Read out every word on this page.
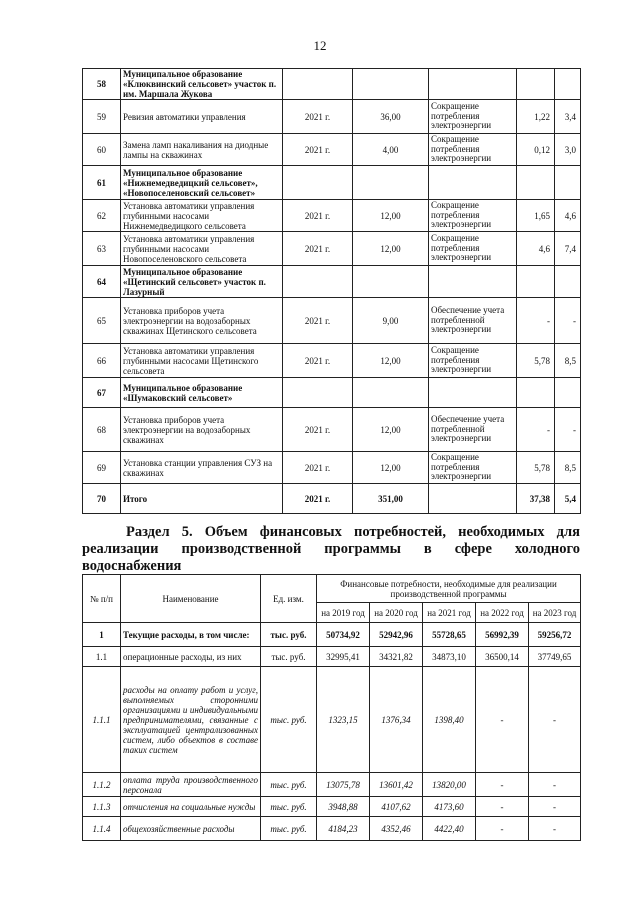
12
58	Муниципальное образование «Клюквинский сельсовет» участок п. им. Маршала Жукова					
59	Ревизия автоматики управления	2021 г.	36,00	Сокращение потребления электроэнергии	1,22	3,4
60	Замена ламп накаливания на диодные лампы на скважинах	2021 г.	4,00	Сокращение потребления электроэнергии	0,12	3,0
61	Муниципальное образование «Нижнемедведицкий сельсовет», «Новопоселеновский сельсовет»					
62	Установка автоматики управления глубинными насосами Нижнемедведицкого сельсовета	2021 г.	12,00	Сокращение потребления электроэнергии	1,65	4,6
63	Установка автоматики управления глубинными насосами Новопоселеновского сельсовета	2021 г.	12,00	Сокращение потребления электроэнергии	4,6	7,4
64	Муниципальное образование «Щетинский сельсовет» участок п. Лазурный					
65	Установка приборов учета электроэнергии на водозаборных скважинах Щетинского сельсовета	2021 г.	9,00	Обеспечение учета потребленной электроэнергии	-	-
66	Установка автоматики управления глубинными насосами Щетинского сельсовета	2021 г.	12,00	Сокращение потребления электроэнергии	5,78	8,5
67	Муниципальное образование «Шумаковский сельсовет»					
68	Установка приборов учета электроэнергии на водозаборных скважинах	2021 г.	12,00	Обеспечение учета потребленной электроэнергии	-	-
69	Установка станции управления СУЗ на скважинах	2021 г.	12,00	Сокращение потребления электроэнергии	5,78	8,5
70	Итого	2021 г.	351,00		37,38	5,4
Раздел 5. Объем финансовых потребностей, необходимых для
реализации производственной программы в сфере холодного
водоснабжения
№ п/п	Наименование	Ед. изм.	Финансовые потребности, необходимые для реализации производственной программы				
			на 2019 год	на 2020 год	на 2021 год	на 2022 год	на 2023 год
1	Текущие расходы, в том числе:	тыс. руб.	50734,92	52942,96	55728,65	56992,39	59256,72
1.1	операционные расходы, из них	тыс. руб.	32995,41	34321,82	34873,10	36500,14	37749,65
1.1.1	расходы на оплату работ и услуг, выполняемых сторонними организациями и индивидуальными предпринимателями, связанные с эксплуатацией централизованных систем, либо объектов в составе таких систем	тыс. руб.	1323,15	1376,34	1398,40	-	-
1.1.2	оплата труда производственного персонала	тыс. руб.	13075,78	13601,42	13820,00	-	-
1.1.3	отчисления на социальные нужды	тыс. руб.	3948,88	4107,62	4173,60	-	-
1.1.4	общехозяйственные расходы	тыс. руб.	4184,23	4352,46	4422,40	-	-
